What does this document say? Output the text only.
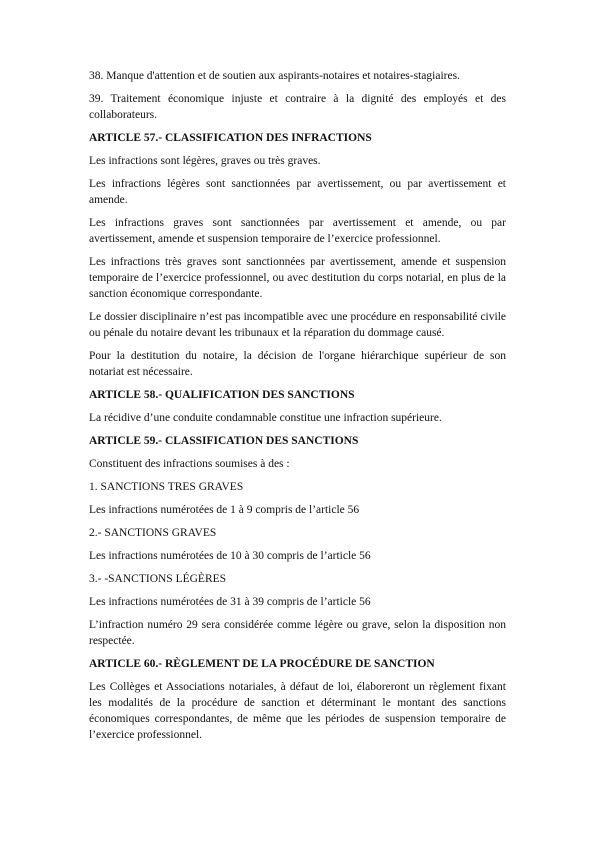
38. Manque d'attention et de soutien aux aspirants-notaires et notaires-stagiaires.

39. Traitement économique injuste et contraire à la dignité des employés et des collaborateurs.

ARTICLE 57.- CLASSIFICATION DES INFRACTIONS

Les infractions sont légères, graves ou très graves.

Les infractions légères sont sanctionnées par avertissement, ou par avertissement et amende.

Les infractions graves sont sanctionnées par avertissement et amende, ou par avertissement, amende et suspension temporaire de l’exercice professionnel.

Les infractions très graves sont sanctionnées par avertissement, amende et suspension temporaire de l’exercice professionnel, ou avec destitution du corps notarial, en plus de la sanction économique correspondante.

Le dossier disciplinaire n’est pas incompatible avec une procédure en responsabilité civile ou pénale du notaire devant les tribunaux et la réparation du dommage causé.

Pour la destitution du notaire, la décision de l'organe hiérarchique supérieur de son notariat est nécessaire.

ARTICLE 58.- QUALIFICATION DES SANCTIONS

La récidive d’une conduite condamnable constitue une infraction supérieure.

ARTICLE 59.- CLASSIFICATION DES SANCTIONS

Constituent des infractions soumises à des :

1. SANCTIONS TRES GRAVES

Les infractions numérotées de 1 à 9 compris de l’article 56

2.- SANCTIONS GRAVES

Les infractions numérotées de 10 à 30 compris de l’article 56

3.- -SANCTIONS LÉGÈRES

Les infractions numérotées de 31 à 39 compris de l’article 56

L’infraction numéro 29 sera considérée comme légère ou grave, selon la disposition non respectée.

ARTICLE 60.- RÈGLEMENT DE LA PROCÉDURE DE SANCTION

Les Collèges et Associations notariales, à défaut de loi, élaboreront un règlement fixant les modalités de la procédure de sanction et déterminant le montant des sanctions économiques correspondantes, de même que les périodes de suspension temporaire de l’exercice professionnel.
